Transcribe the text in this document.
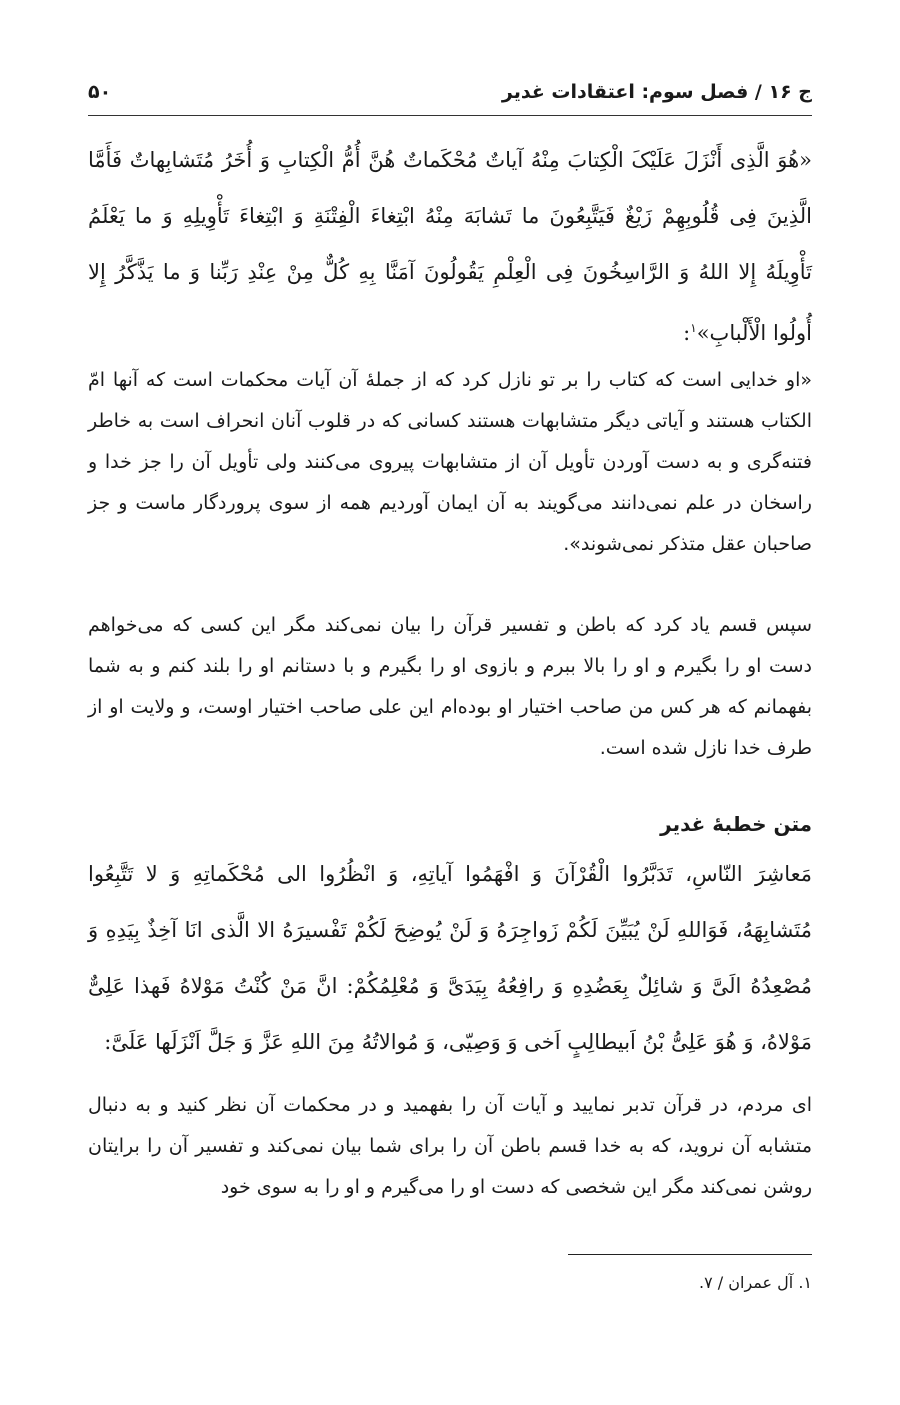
ج ۱۶ / فصل سوم: اعتقادات غدیر
۵۰
«هُوَ الَّذِی أَنْزَلَ عَلَیْکَ الْکِتابَ مِنْهُ آیاتٌ مُحْکَماتٌ هُنَّ أُمُّ الْکِتابِ وَ أُخَرُ مُتَشابِهاتٌ فَأَمَّا الَّذِینَ فِی قُلُوبِهِمْ زَیْغٌ فَیَتَّبِعُونَ ما تَشابَهَ مِنْهُ ابْتِغاءَ الْفِتْنَةِ وَ ابْتِغاءَ تَأْوِیلِهِ وَ ما یَعْلَمُ تَأْوِیلَهُ إِلا اللهُ وَ الرَّاسِخُونَ فِی الْعِلْمِ یَقُولُونَ آمَنَّا بِهِ کُلٌّ مِنْ عِنْدِ رَبِّنا وَ ما یَذَّکَّرُ إِلا أُولُوا الْأَلْبابِ»$^۱$:
«او خدایی است که کتاب را بر تو نازل کرد که از جملهٔ آن آیات محکمات است که آنها امّ الکتاب هستند و آیاتی دیگر متشابهات هستند کسانی که در قلوب آنان انحراف است به خاطر فتنه‌گری و به دست آوردن تأویل آن از متشابهات پیروی می‌کنند ولی تأویل آن را جز خدا و راسخان در علم نمی‌دانند می‌گویند به آن ایمان آوردیم همه از سوی پروردگار ماست و جز صاحبان عقل متذکر نمی‌شوند».
سپس قسم یاد کرد که باطن و تفسیر قرآن را بیان نمی‌کند مگر این کسی که می‌خواهم دست او را بگیرم و او را بالا ببرم و بازوی او را بگیرم و با دستانم او را بلند کنم و به شما بفهمانم که هر کس من صاحب اختیار او بوده‌ام این علی صاحب اختیار اوست، و ولایت او از طرف خدا نازل شده است.
متن خطبهٔ غدیر
مَعاشِرَ النّاسِ، تَدَبَّرُوا الْقُرْآنَ وَ افْهَمُوا آیاتِهِ، وَ انْظُرُوا الی مُحْکَماتِهِ وَ لا تَتَّبِعُوا مُتَشابِهَهُ، فَوَاللهِ لَنْ یُبَیِّنَ لَکُمْ زَواجِرَهُ وَ لَنْ یُوضِحَ لَکُمْ تَفْسیرَهُ الا الَّذی انَا آخِذٌ بِیَدِهِ وَ مُصْعِدُهُ الَیَّ وَ شائِلٌ بِعَضُدِهِ وَ رافِعُهُ بِیَدَیَّ وَ مُعْلِمُکُمْ: انَّ مَنْ کُنْتُ مَوْلاهُ فَهذا عَلِیٌّ مَوْلاهُ، وَ هُوَ عَلِیُّ بْنُ اَبیطالِبٍ اَخی وَ وَصِیّی، وَ مُوالاتُهُ مِنَ اللهِ عَزَّ وَ جَلَّ اَنْزَلَها عَلَیَّ:
ای مردم، در قرآن تدبر نمایید و آیات آن را بفهمید و در محکمات آن نظر کنید و به دنبال متشابه آن نروید، که به خدا قسم باطن آن را برای شما بیان نمی‌کند و تفسیر آن را برایتان روشن نمی‌کند مگر این شخصی که دست او را می‌گیرم و او را به سوی خود
۱. آل عمران / ۷.
